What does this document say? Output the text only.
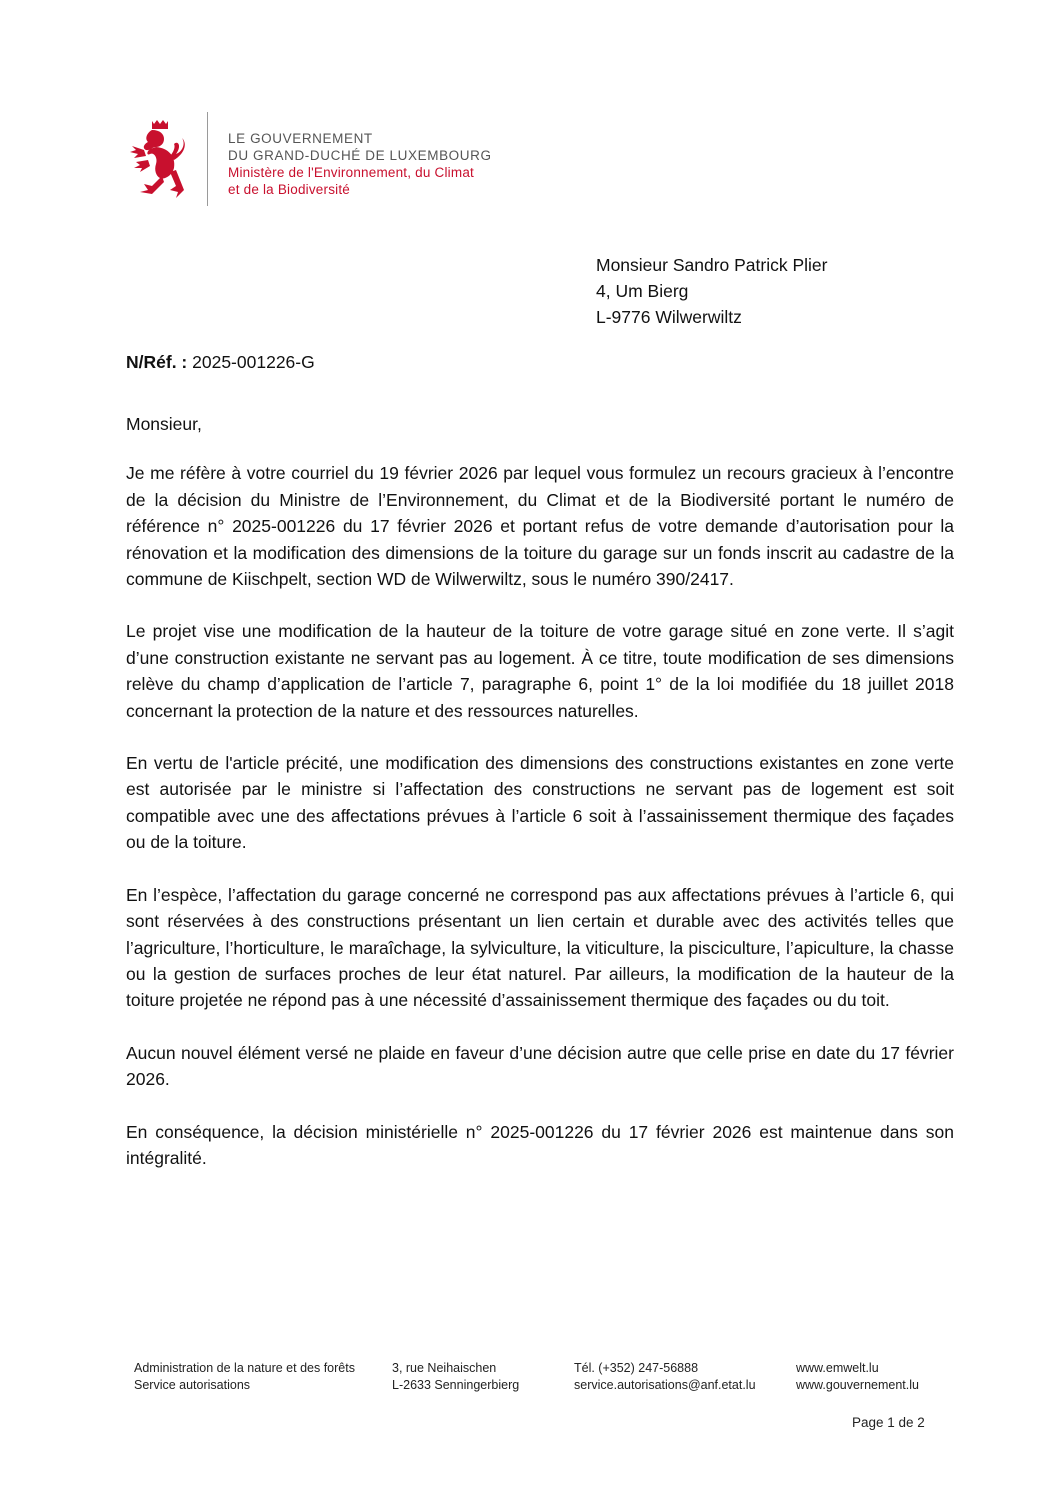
LE GOUVERNEMENT
DU GRAND-DUCHÉ DE LUXEMBOURG
Ministère de l'Environnement, du Climat
et de la Biodiversité
Monsieur Sandro Patrick Plier
4, Um Bierg
L-9776 Wilwerwiltz
N/Réf. : 2025-001226-G

Monsieur,

Je me réfère à votre courriel du 19 février 2026 par lequel vous formulez un recours gracieux à l’encontre de la décision du Ministre de l’Environnement, du Climat et de la Biodiversité portant le numéro de référence n° 2025-001226 du 17 février 2026 et portant refus de votre demande d’autorisation pour la rénovation et la modification des dimensions de la toiture du garage sur un fonds inscrit au cadastre de la commune de Kiischpelt, section WD de Wilwerwiltz, sous le numéro 390/2417.

Le projet vise une modification de la hauteur de la toiture de votre garage situé en zone verte. Il s’agit d’une construction existante ne servant pas au logement. À ce titre, toute modification de ses dimensions relève du champ d’application de l’article 7, paragraphe 6, point 1° de la loi modifiée du 18 juillet 2018 concernant la protection de la nature et des ressources naturelles.

En vertu de l'article précité, une modification des dimensions des constructions existantes en zone verte est autorisée par le ministre si l’affectation des constructions ne servant pas de logement est soit compatible avec une des affectations prévues à l’article 6 soit à l’assainissement thermique des façades ou de la toiture.

En l’espèce, l’affectation du garage concerné ne correspond pas aux affectations prévues à l’article 6, qui sont réservées à des constructions présentant un lien certain et durable avec des activités telles que l’agriculture, l’horticulture, le maraîchage, la sylviculture, la viticulture, la pisciculture, l’apiculture, la chasse ou la gestion de surfaces proches de leur état naturel. Par ailleurs, la modification de la hauteur de la toiture projetée ne répond pas à une nécessité d’assainissement thermique des façades ou du toit.

Aucun nouvel élément versé ne plaide en faveur d’une décision autre que celle prise en date du 17 février 2026.

En conséquence, la décision ministérielle n° 2025-001226 du 17 février 2026 est maintenue dans son intégralité.

Administration de la nature et des forêts
Service autorisations
3, rue Neihaischen
L-2633 Senningerbierg
Tél. (+352) 247-56888
service.autorisations@anf.etat.lu
www.emwelt.lu
www.gouvernement.lu
Page 1 de 2
